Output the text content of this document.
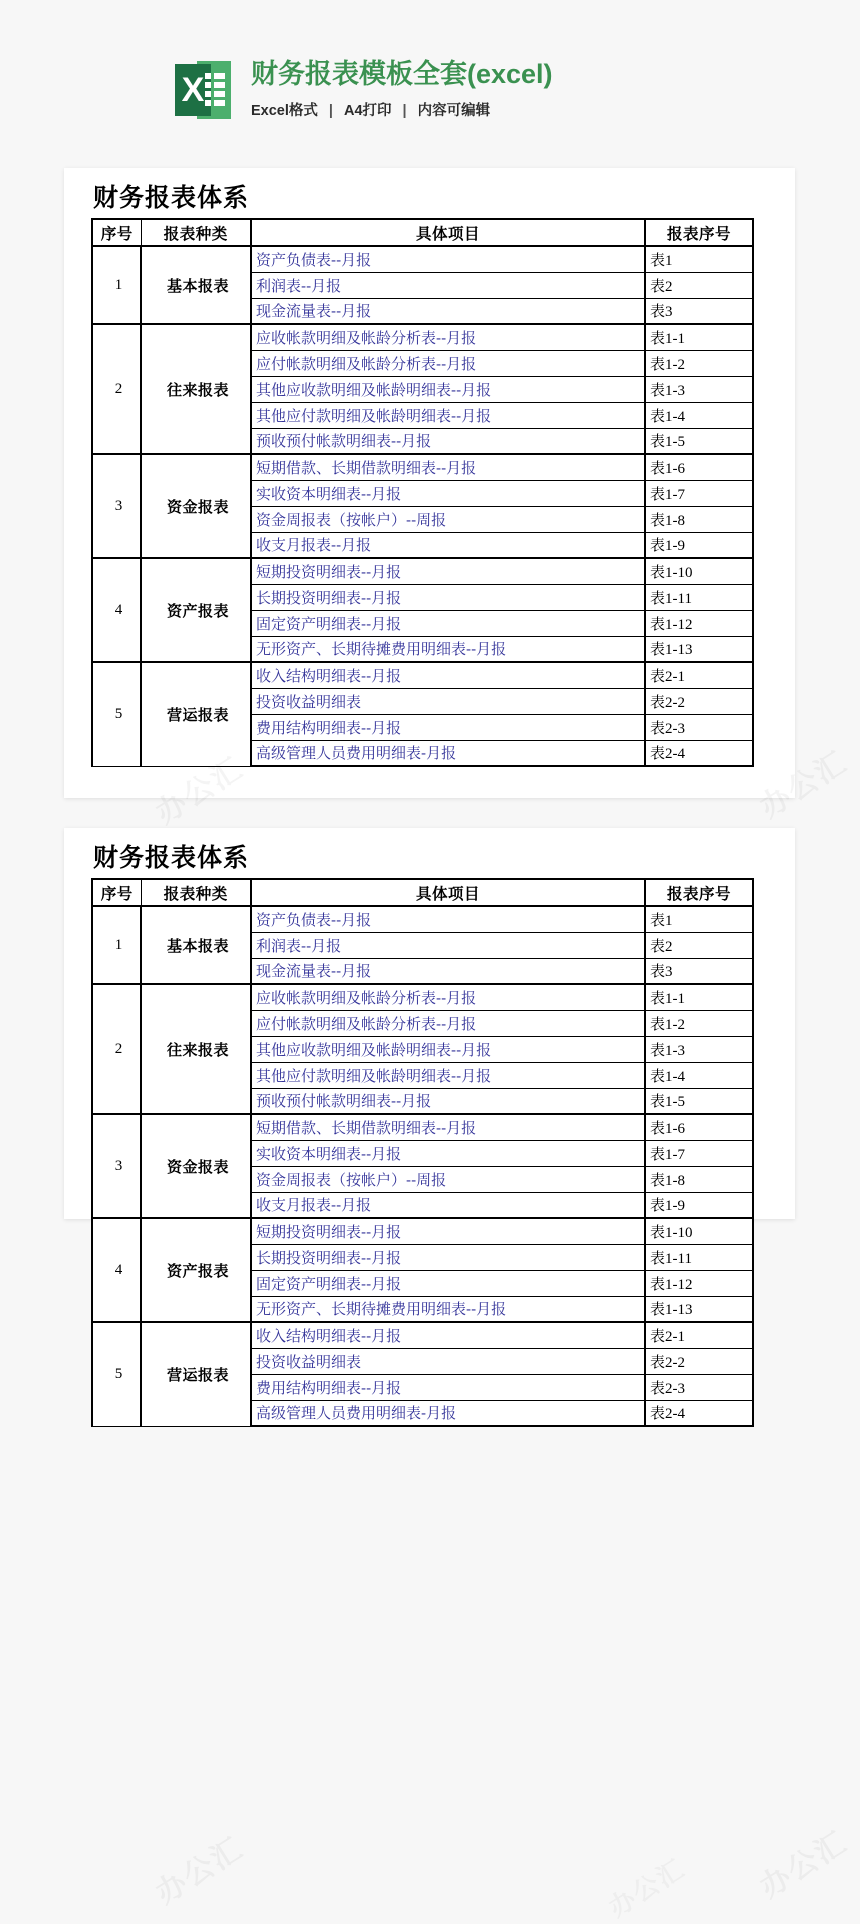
X 财务报表模板全套(excel)
Excel格式 | A4打印 | 内容可编辑
财务报表体系
序号	报表种类	具体项目	报表序号
1	基本报表	资产负债表--月报	表1
		利润表--月报	表2
		现金流量表--月报	表3
2	往来报表	应收帐款明细及帐龄分析表--月报	表1-1
		应付帐款明细及帐龄分析表--月报	表1-2
		其他应收款明细及帐龄明细表--月报	表1-3
		其他应付款明细及帐龄明细表--月报	表1-4
		预收预付帐款明细表--月报	表1-5
3	资金报表	短期借款、长期借款明细表--月报	表1-6
		实收资本明细表--月报	表1-7
		资金周报表（按帐户）--周报	表1-8
		收支月报表--月报	表1-9
4	资产报表	短期投资明细表--月报	表1-10
		长期投资明细表--月报	表1-11
		固定资产明细表--月报	表1-12
		无形资产、长期待摊费用明细表--月报	表1-13
5	营运报表	收入结构明细表--月报	表2-1
		投资收益明细表	表2-2
		费用结构明细表--月报	表2-3
		高级管理人员费用明细表-月报	表2-4
财务报表体系
序号	报表种类	具体项目	报表序号
1	基本报表	资产负债表--月报	表1
		利润表--月报	表2
		现金流量表--月报	表3
2	往来报表	应收帐款明细及帐龄分析表--月报	表1-1
		应付帐款明细及帐龄分析表--月报	表1-2
		其他应收款明细及帐龄明细表--月报	表1-3
		其他应付款明细及帐龄明细表--月报	表1-4
		预收预付帐款明细表--月报	表1-5
3	资金报表	短期借款、长期借款明细表--月报	表1-6
		实收资本明细表--月报	表1-7
		资金周报表（按帐户）--周报	表1-8
		收支月报表--月报	表1-9
4	资产报表	短期投资明细表--月报	表1-10
		长期投资明细表--月报	表1-11
		固定资产明细表--月报	表1-12
		无形资产、长期待摊费用明细表--月报	表1-13
5	营运报表	收入结构明细表--月报	表2-1
		投资收益明细表	表2-2
		费用结构明细表--月报	表2-3
		高级管理人员费用明细表-月报	表2-4
